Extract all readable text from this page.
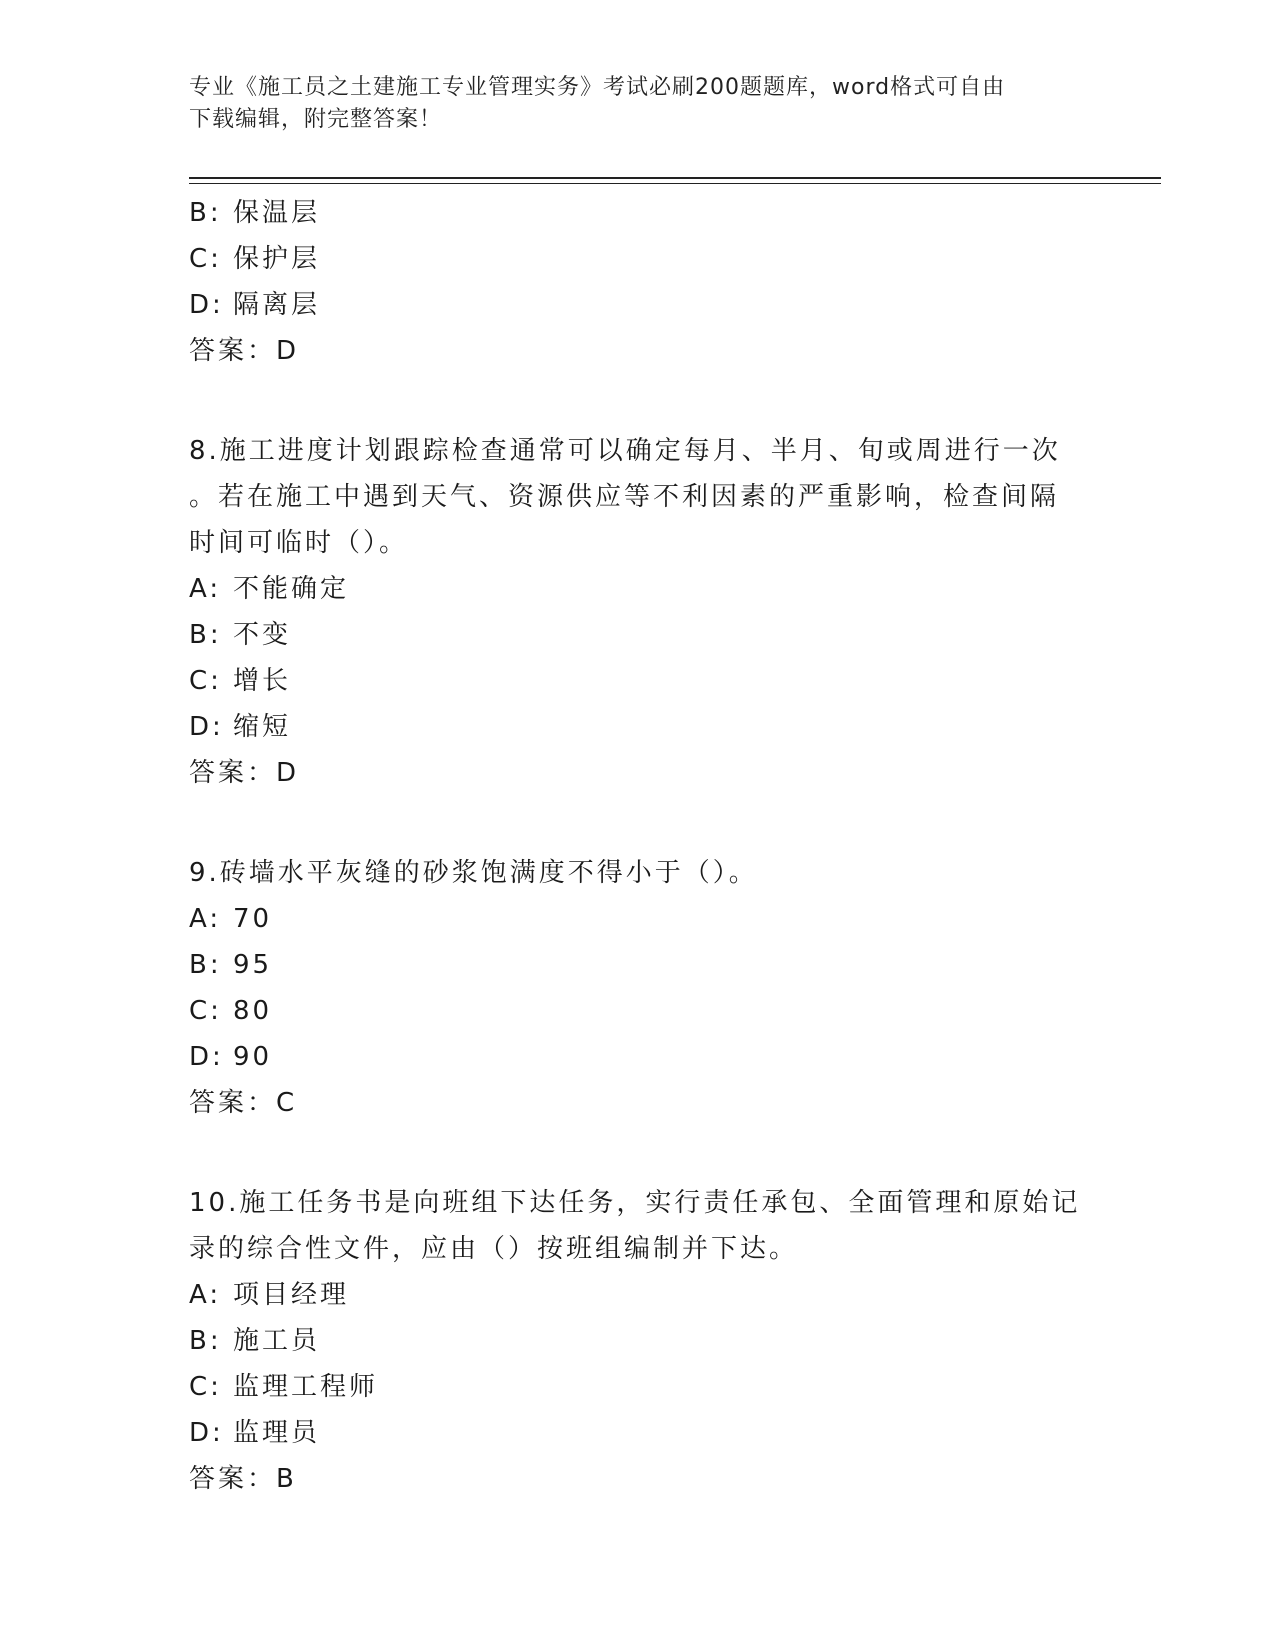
专业《施工员之土建施工专业管理实务》考试必刷200题题库，word格式可自由
下载编辑，附完整答案！
B: 保温层
C: 保护层
D: 隔离层
答案：D
8.施工进度计划跟踪检查通常可以确定每月、半月、旬或周进行一次
。若在施工中遇到天气、资源供应等不利因素的严重影响，检查间隔
时间可临时（）。
A: 不能确定
B: 不变
C: 增长
D: 缩短
答案：D
9.砖墙水平灰缝的砂浆饱满度不得小于（）。
A: 70
B: 95
C: 80
D: 90
答案：C
10.施工任务书是向班组下达任务，实行责任承包、全面管理和原始记
录的综合性文件，应由（）按班组编制并下达。
A: 项目经理
B: 施工员
C: 监理工程师
D: 监理员
答案：B
